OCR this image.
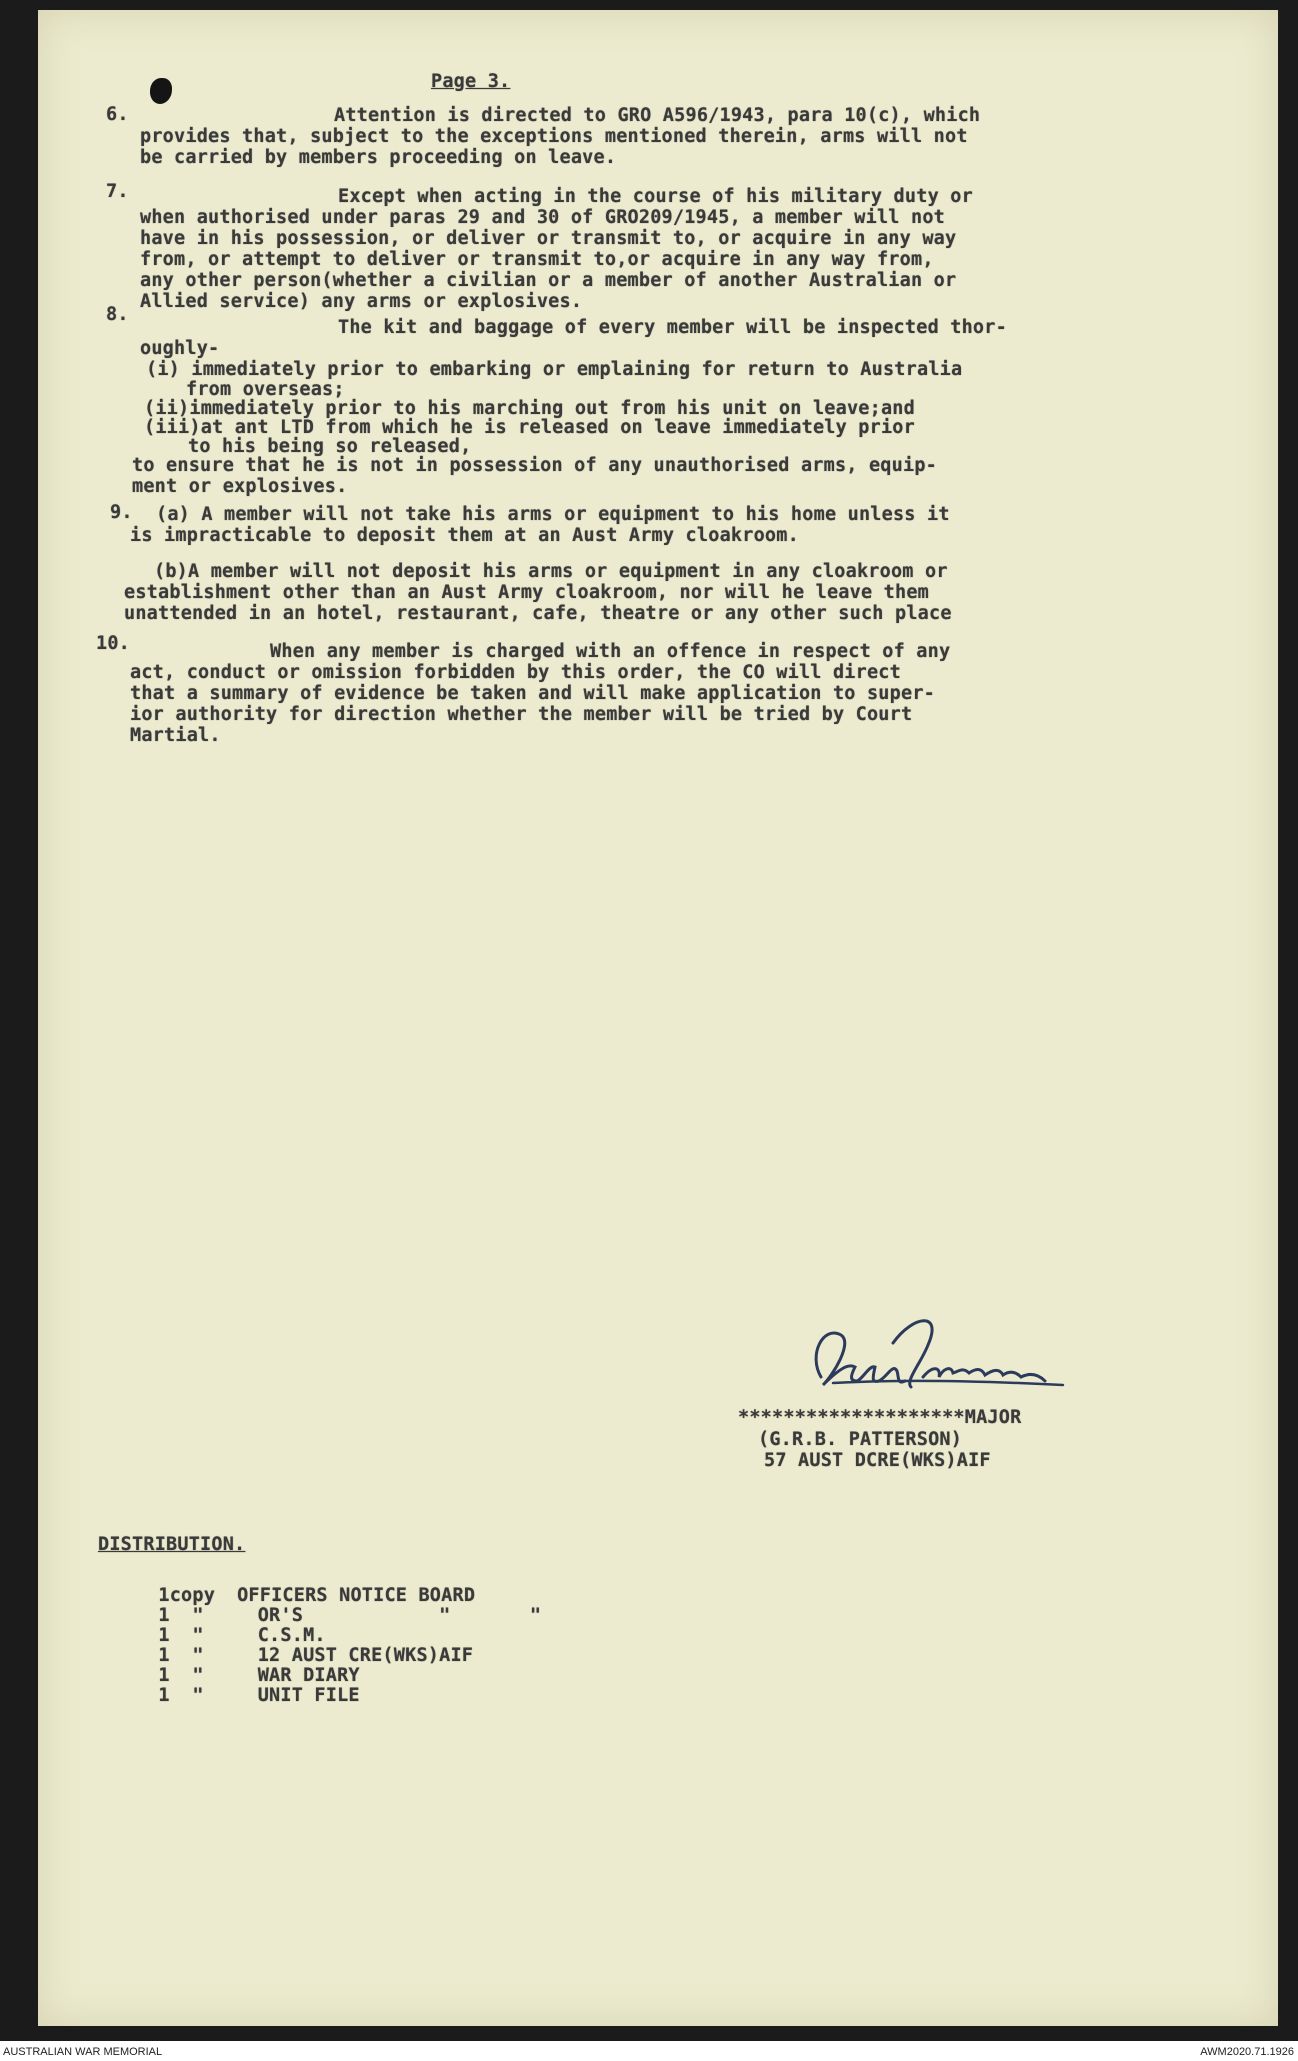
Page 3.
6.	Attention is directed to GRO A596/1943, para 10(c), which
provides that, subject to the exceptions mentioned therein, arms will not
be carried by members proceeding on leave.
7.	Except when acting in the course of his military duty or
when authorised under paras 29 and 30 of GRO209/1945, a member will not
have in his possession, or deliver or transmit to, or acquire in any way
from, or attempt to deliver or transmit to,or acquire in any way from,
any other person(whether a civilian or a member of another Australian or
Allied service) any arms or explosives.
8.
The kit and baggage of every member will be inspected thor-
oughly-
(i) immediately prior to embarking or emplaining for return to Australia
from overseas;
(ii)immediately prior to his marching out from his unit on leave;and
(iii)at ant LTD from which he is released on leave immediately prior
to his being so released,
to ensure that he is not in possession of any unauthorised arms, equip-
ment or explosives.
9. (a) A member will not take his arms or equipment to his home unless it
is impracticable to deposit them at an Aust Army cloakroom.
(b)A member will not deposit his arms or equipment in any cloakroom or
establishment other than an Aust Army cloakroom, nor will he leave them
unattended in an hotel, restaurant, cafe, theatre or any other such place
10.	When any member is charged with an offence in respect of any
act, conduct or omission forbidden by this order, the CO will direct
that a summary of evidence be taken and will make application to super-
ior authority for direction whether the member will be tried by Court
Martial.
********************MAJOR
(G.R.B. PATTERSON)
57 AUST DCRE(WKS)AIF
DISTRIBUTION.

1copy OFFICERS NOTICE BOARD

1  "	OR'S            "       "

1  "	C.S.M.

1  "	12 AUST CRE(WKS)AIF

1  "	WAR DIARY

1  "	UNIT FILE

AUSTRALIAN WAR MEMORIAL	AWM2020.71.1926
